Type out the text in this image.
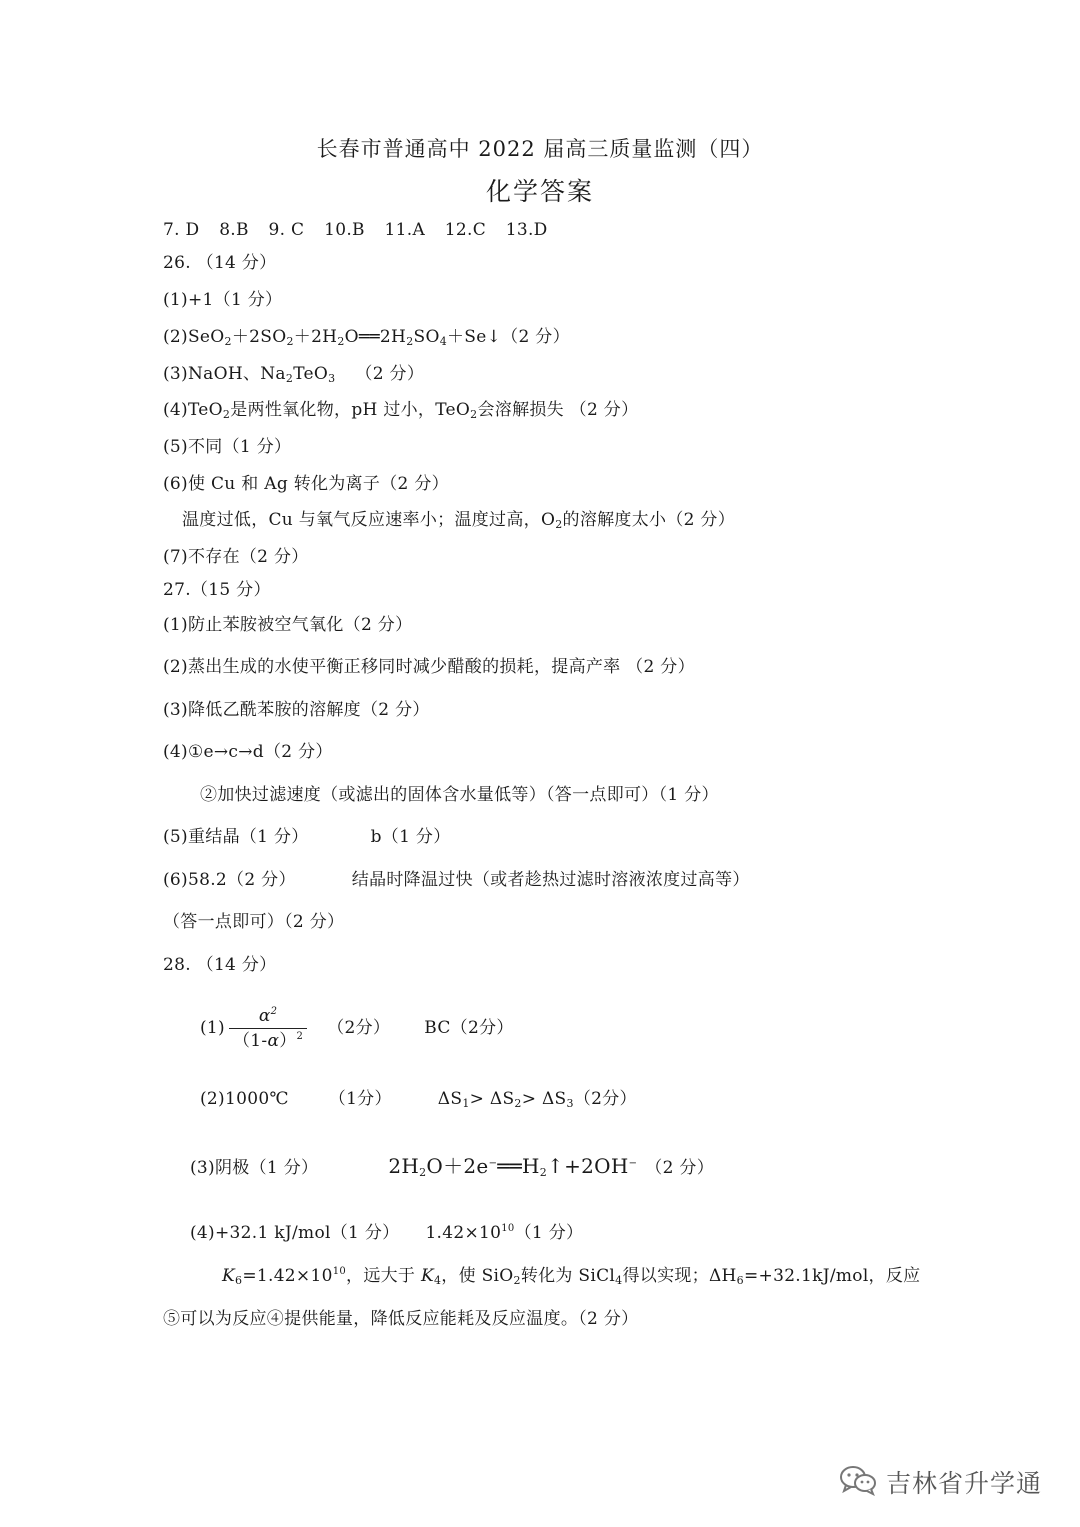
长春市普通高中 2022 届高三质量监测（四）
化学答案
7. D 8.B 9. C 10.B 11.A 12.C 13.D
26. （14 分）
(1)+1（1 分）
$(2)SeO_2+2SO_2+2H_2O══2H_2SO_4+Se↓(2$ 分）
(3)NaOH、$Na_2TeO_3$ （2 分）
(4)TeO$_2$是两性氧化物，pH 过小，TeO$_2$会溶解损失 （2 分）
(5)不同（1 分）
(6)使 Cu 和 Ag 转化为离子（2 分）
温度过低，Cu 与氧气反应速率小；温度过高，$O_2$的溶解度太小（2 分）
(7)不存在（2 分）
27.（15 分）
(1)防止苯胺被空气氧化（2 分）
(2)蒸出生成的水使平衡正移同时减少醋酸的损耗，提高产率 （2 分）
(3)降低乙酰苯胺的溶解度（2 分）
(4)①e→c→d（2 分）
②加快过滤速度（或滤出的固体含水量低等）（答一点即可）（1 分）
(5)重结晶（1 分）	b（1 分）
(6)58.2（2 分）	结晶时降温过快（或者趁热过滤时溶液浓度过高等）
（答一点即可）（2 分）
28. （14 分）
$(1) \frac{\alpha^2}{(1-\alpha)^2} (2$分） BC（2分）
(2)1000℃ （1分）	$\Delta S_1> \Delta S_2> \Delta S_3(2$分）
(3)阴极（1 分）	$2H_2O+2e^-══H_2↑+2OH^-$ （2 分）
(4)+32.1 kJ/mol（1 分） $1.42\times 10^{10}(1$ 分）
$K_6=1.42\times 10^{10}$，远大于 $K_4$，使 SiO$_2$转化为 SiCl$_4$得以实现；$\Delta H_6=+32.1kJ$/mol，反应
⑤可以为反应④提供能量，降低反应能耗及反应温度。（2 分）
吉林省升学通
